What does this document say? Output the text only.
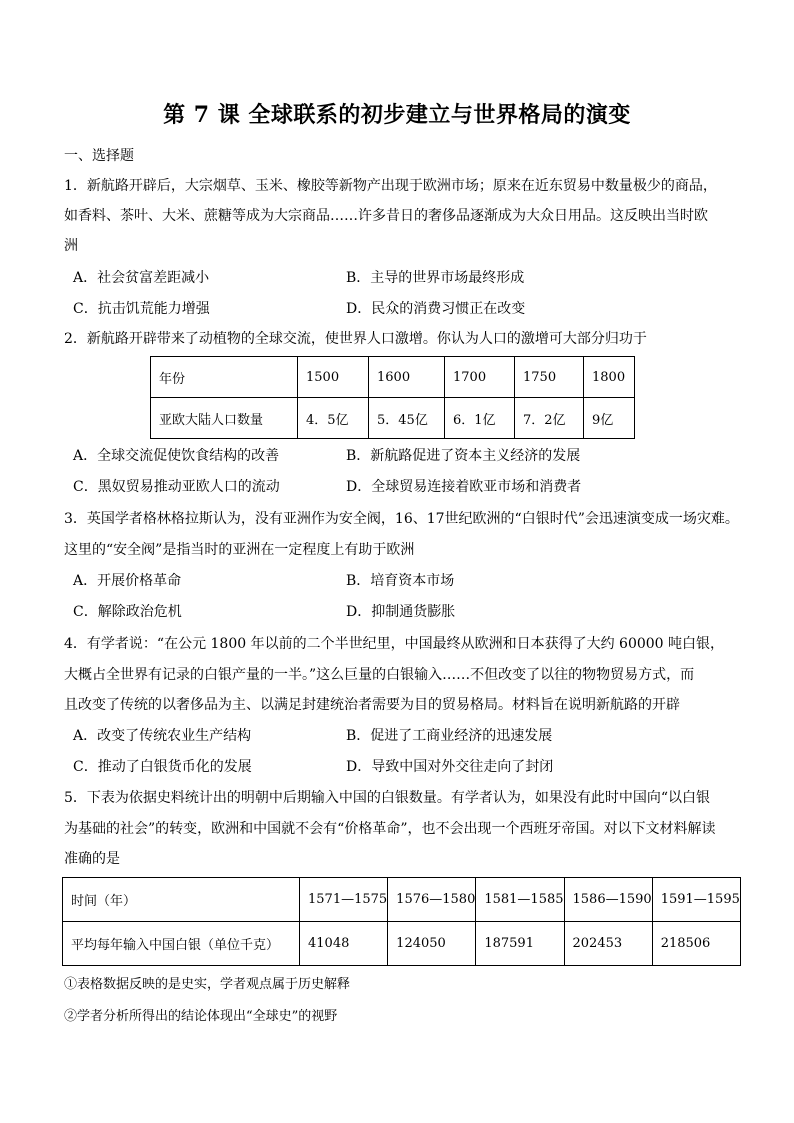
第 7 课 全球联系的初步建立与世界格局的演变
一、选择题
1．新航路开辟后，大宗烟草、玉米、橡胶等新物产出现于欧洲市场；原来在近东贸易中数量极少的商品，
如香料、茶叶、大米、蔗糖等成为大宗商品……许多昔日的奢侈品逐渐成为大众日用品。这反映出当时欧
洲
A．社会贫富差距减小	B．主导的世界市场最终形成
C．抗击饥荒能力增强	D．民众的消费习惯正在改变
2．新航路开辟带来了动植物的全球交流，使世界人口激增。你认为人口的激增可大部分归功于
年份	1500	1600	1700	1750	1800
亚欧大陆人口数量	4．5亿	5．45亿	6．1亿	7．2亿	9亿
A．全球交流促使饮食结构的改善	B．新航路促进了资本主义经济的发展
C．黑奴贸易推动亚欧人口的流动	D．全球贸易连接着欧亚市场和消费者
3．英国学者格林格拉斯认为，没有亚洲作为安全阀，16、17世纪欧洲的“白银时代”会迅速演变成一场灾难。
这里的“安全阀”是指当时的亚洲在一定程度上有助于欧洲
A．开展价格革命	B．培育资本市场
C．解除政治危机	D．抑制通货膨胀
4．有学者说：“在公元 1800 年以前的二个半世纪里，中国最终从欧洲和日本获得了大约 60000 吨白银，
大概占全世界有记录的白银产量的一半。”这么巨量的白银输入……不但改变了以往的物物贸易方式，而
且改变了传统的以奢侈品为主、以满足封建统治者需要为目的贸易格局。材料旨在说明新航路的开辟
A．改变了传统农业生产结构	B．促进了工商业经济的迅速发展
C．推动了白银货币化的发展	D．导致中国对外交往走向了封闭
5．下表为依据史料统计出的明朝中后期输入中国的白银数量。有学者认为，如果没有此时中国向“以白银
为基础的社会”的转变，欧洲和中国就不会有“价格革命”，也不会出现一个西班牙帝国。对以下文材料解读
准确的是
时间（年）	1571—1575	1576—1580	1581—1585	1586—1590	1591—1595
平均每年输入中国白银（单位千克）	41048	124050	187591	202453	218506
①表格数据反映的是史实，学者观点属于历史解释
②学者分析所得出的结论体现出“全球史”的视野
